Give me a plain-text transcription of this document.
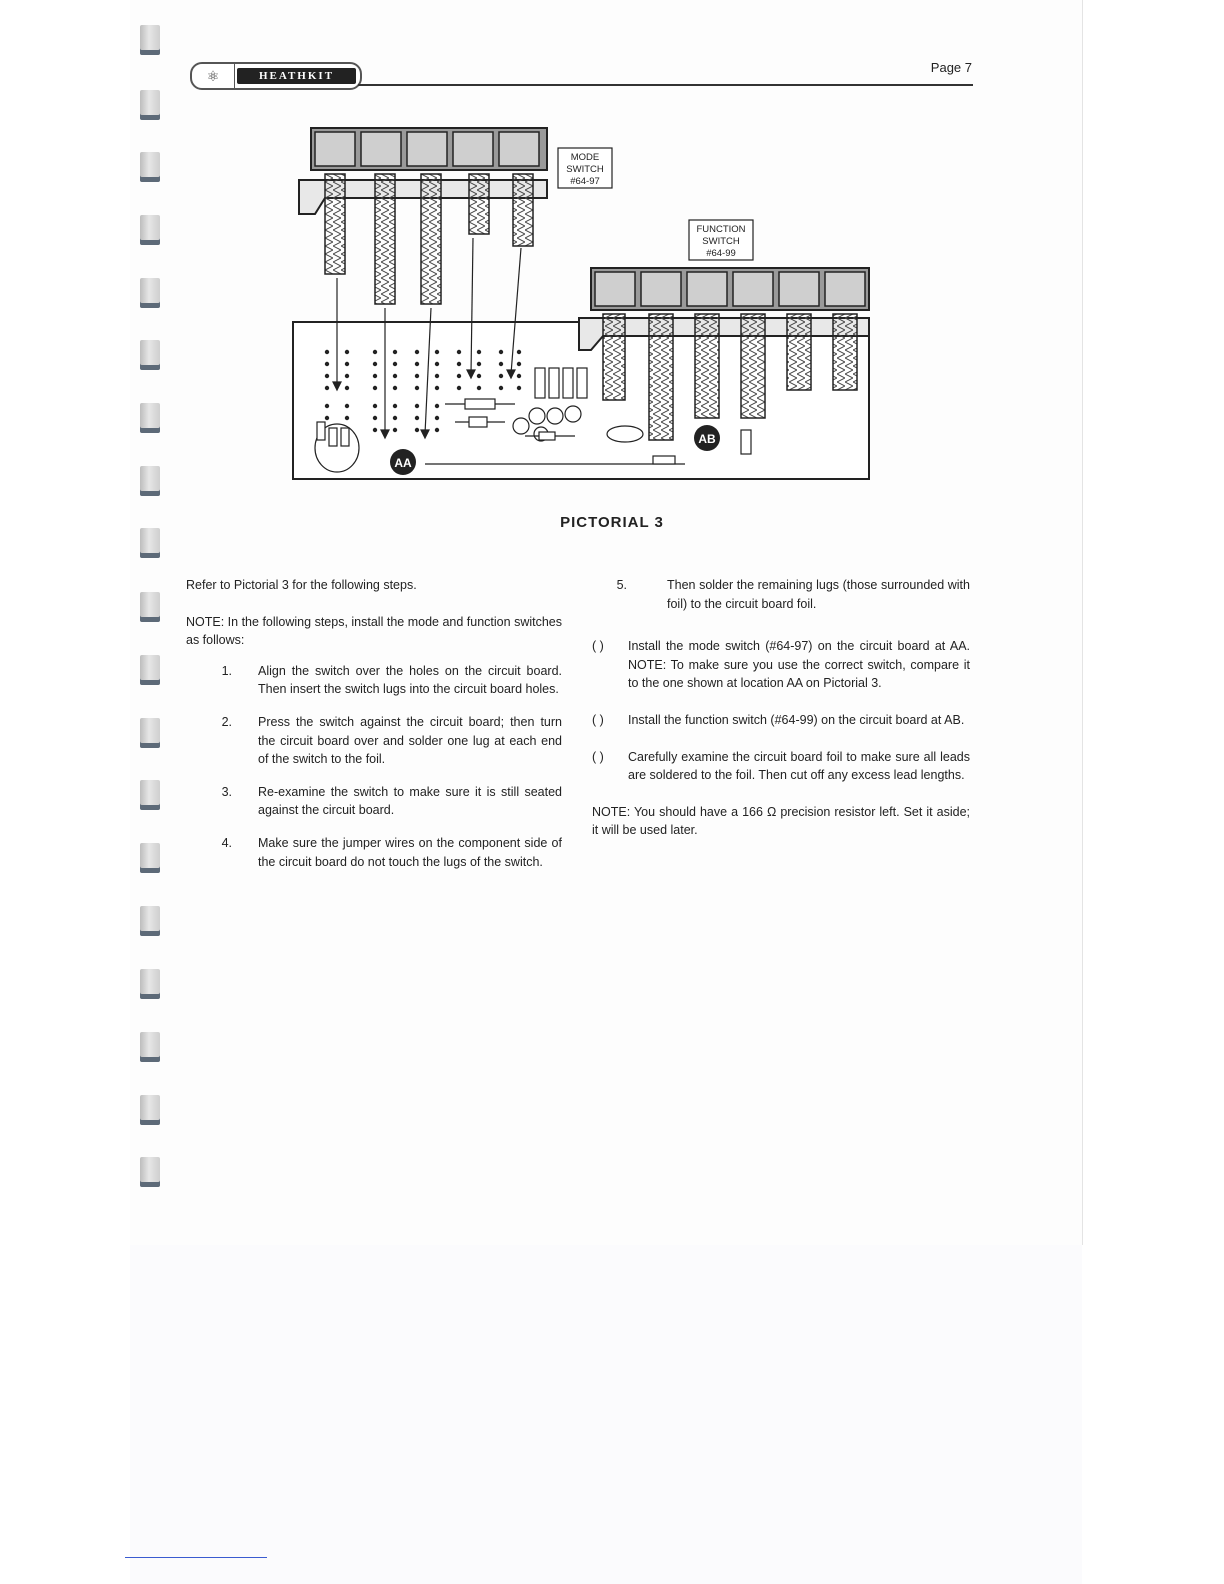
⚛	HEATHKIT
Page 7
MODE
SWITCH
#64-97
FUNCTION
SWITCH
#64-99
AA
AB
PICTORIAL 3

Refer to Pictorial 3 for the following steps.

NOTE: In the following steps, install the mode and function switches as follows:

1.	Align the switch over the holes on the circuit board. Then insert the switch lugs into the circuit board holes.
2.	Press the switch against the circuit board; then turn the circuit board over and solder one lug at each end of the switch to the foil.
3.	Re-examine the switch to make sure it is still seated against the circuit board.
4.	Make sure the jumper wires on the component side of the circuit board do not touch the lugs of the switch.
5.	Then solder the remaining lugs (those surrounded with foil) to the circuit board foil.
( )	Install the mode switch (#64-97) on the circuit board at AA. NOTE: To make sure you use the correct switch, compare it to the one shown at location AA on Pictorial 3.
( )	Install the function switch (#64-99) on the circuit board at AB.
( )	Carefully examine the circuit board foil to make sure all leads are soldered to the foil. Then cut off any excess lead lengths.

NOTE: You should have a 166 Ω precision resistor left. Set it aside; it will be used later.
